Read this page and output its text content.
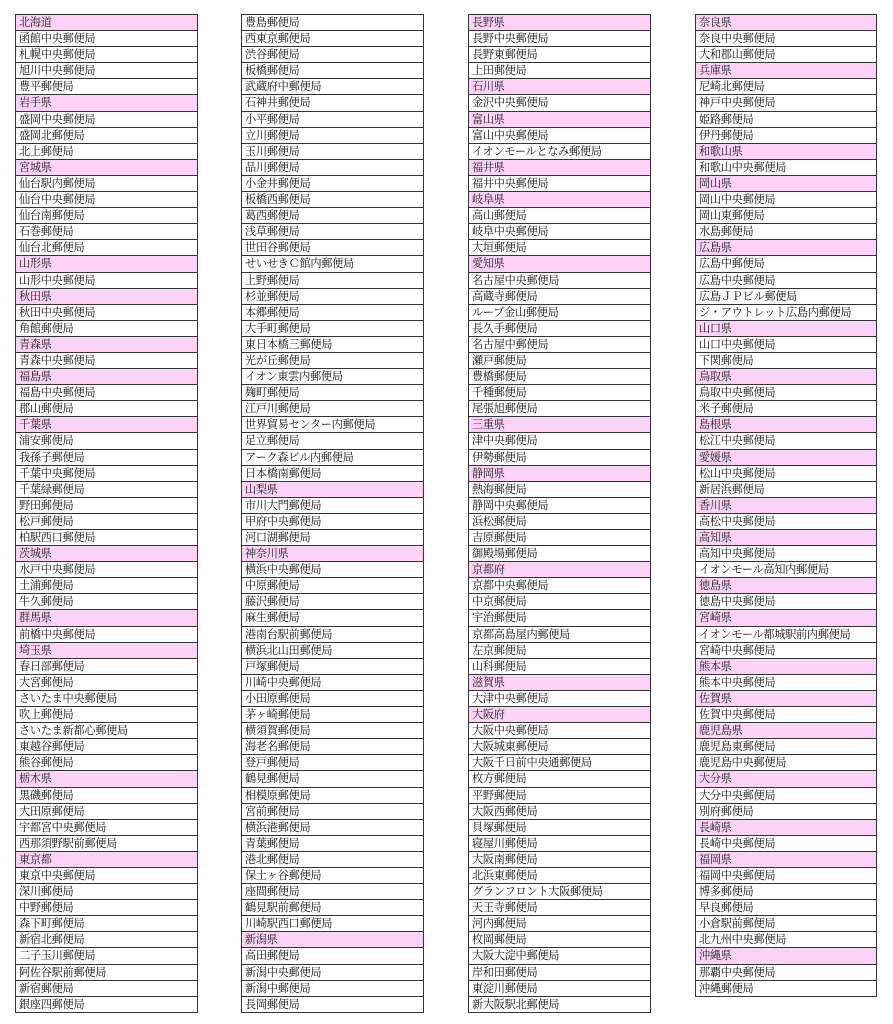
北海道
函館中央郵便局
札幌中央郵便局
旭川中央郵便局
豊平郵便局
岩手県
盛岡中央郵便局
盛岡北郵便局
北上郵便局
宮城県
仙台駅内郵便局
仙台中央郵便局
仙台南郵便局
石巻郵便局
仙台北郵便局
山形県
山形中央郵便局
秋田県
秋田中央郵便局
角館郵便局
青森県
青森中央郵便局
福島県
福島中央郵便局
郡山郵便局
千葉県
浦安郵便局
我孫子郵便局
千葉中央郵便局
千葉緑郵便局
野田郵便局
松戸郵便局
柏駅西口郵便局
茨城県
水戸中央郵便局
土浦郵便局
牛久郵便局
群馬県
前橋中央郵便局
埼玉県
春日部郵便局
大宮郵便局
さいたま中央郵便局
吹上郵便局
さいたま新都心郵便局
東越谷郵便局
熊谷郵便局
栃木県
黒磯郵便局
大田原郵便局
宇都宮中央郵便局
西那須野駅前郵便局
東京都
東京中央郵便局
深川郵便局
中野郵便局
森下町郵便局
新宿北郵便局
二子玉川郵便局
阿佐谷駅前郵便局
新宿郵便局
銀座四郵便局
豊島郵便局
西東京郵便局
渋谷郵便局
板橋郵便局
武蔵府中郵便局
石神井郵便局
小平郵便局
立川郵便局
玉川郵便局
品川郵便局
小金井郵便局
板橋西郵便局
葛西郵便局
浅草郵便局
世田谷郵便局
せいせきＣ館内郵便局
上野郵便局
杉並郵便局
本郷郵便局
大手町郵便局
東日本橋三郵便局
光が丘郵便局
イオン東雲内郵便局
麹町郵便局
江戸川郵便局
世界貿易センター内郵便局
足立郵便局
アーク森ビル内郵便局
日本橋南郵便局
山梨県
市川大門郵便局
甲府中央郵便局
河口湖郵便局
神奈川県
横浜中央郵便局
中原郵便局
藤沢郵便局
麻生郵便局
港南台駅前郵便局
横浜北山田郵便局
戸塚郵便局
川崎中央郵便局
小田原郵便局
茅ヶ崎郵便局
横須賀郵便局
海老名郵便局
登戸郵便局
鶴見郵便局
相模原郵便局
宮前郵便局
横浜港郵便局
青葉郵便局
港北郵便局
保土ヶ谷郵便局
座間郵便局
鶴見駅前郵便局
川崎駅西口郵便局
新潟県
高田郵便局
新潟中央郵便局
新潟中郵便局
長岡郵便局
長野県
長野中央郵便局
長野東郵便局
上田郵便局
石川県
金沢中央郵便局
富山県
富山中央郵便局
イオンモールとなみ郵便局
福井県
福井中央郵便局
岐阜県
高山郵便局
岐阜中央郵便局
大垣郵便局
愛知県
名古屋中央郵便局
高蔵寺郵便局
ループ金山郵便局
長久手郵便局
名古屋中郵便局
瀬戸郵便局
豊橋郵便局
千種郵便局
尾張旭郵便局
三重県
津中央郵便局
伊勢郵便局
静岡県
熱海郵便局
静岡中央郵便局
浜松郵便局
吉原郵便局
御殿場郵便局
京都府
京都中央郵便局
中京郵便局
宇治郵便局
京都高島屋内郵便局
左京郵便局
山科郵便局
滋賀県
大津中央郵便局
大阪府
大阪中央郵便局
大阪城東郵便局
大阪千日前中央通郵便局
枚方郵便局
平野郵便局
大阪西郵便局
貝塚郵便局
寝屋川郵便局
大阪南郵便局
北浜東郵便局
グランフロント大阪郵便局
天王寺郵便局
河内郵便局
枚岡郵便局
大阪大淀中郵便局
岸和田郵便局
東淀川郵便局
新大阪駅北郵便局
奈良県
奈良中央郵便局
大和郡山郵便局
兵庫県
尼崎北郵便局
神戸中央郵便局
姫路郵便局
伊丹郵便局
和歌山県
和歌山中央郵便局
岡山県
岡山中央郵便局
岡山東郵便局
水島郵便局
広島県
広島中郵便局
広島中央郵便局
広島ＪＰビル郵便局
ジ・アウトレット広島内郵便局
山口県
山口中央郵便局
下関郵便局
鳥取県
鳥取中央郵便局
米子郵便局
島根県
松江中央郵便局
愛媛県
松山中央郵便局
新居浜郵便局
香川県
高松中央郵便局
高知県
高知中央郵便局
イオンモール高知内郵便局
徳島県
徳島中央郵便局
宮崎県
イオンモール都城駅前内郵便局
宮崎中央郵便局
熊本県
熊本中央郵便局
佐賀県
佐賀中央郵便局
鹿児島県
鹿児島東郵便局
鹿児島中央郵便局
大分県
大分中央郵便局
別府郵便局
長崎県
長崎中央郵便局
福岡県
福岡中央郵便局
博多郵便局
早良郵便局
小倉駅前郵便局
北九州中央郵便局
沖縄県
那覇中央郵便局
沖縄郵便局
